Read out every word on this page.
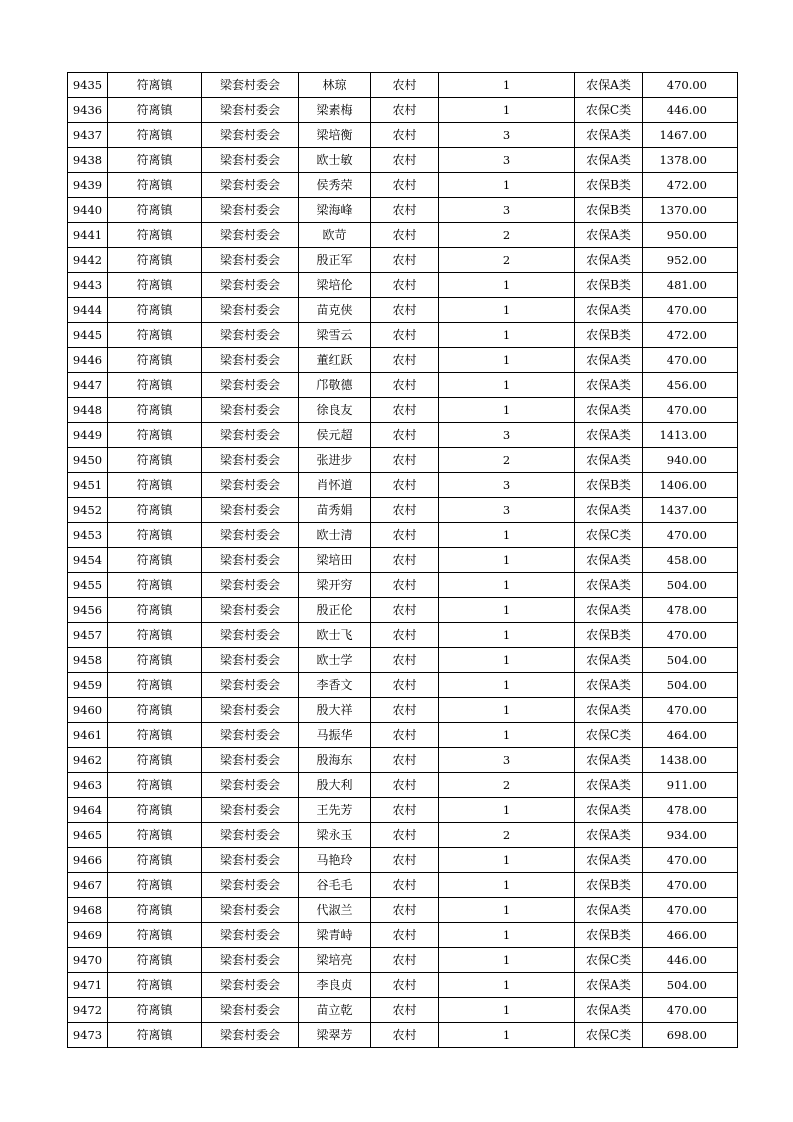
9435	符离镇	梁套村委会	林琼	农村	1	农保A类	470.00
9436	符离镇	梁套村委会	梁素梅	农村	1	农保C类	446.00
9437	符离镇	梁套村委会	梁培衡	农村	3	农保A类	1467.00
9438	符离镇	梁套村委会	欧士敏	农村	3	农保A类	1378.00
9439	符离镇	梁套村委会	侯秀荣	农村	1	农保B类	472.00
9440	符离镇	梁套村委会	梁海峰	农村	3	农保B类	1370.00
9441	符离镇	梁套村委会	欧苛	农村	2	农保A类	950.00
9442	符离镇	梁套村委会	殷正军	农村	2	农保A类	952.00
9443	符离镇	梁套村委会	梁培伦	农村	1	农保B类	481.00
9444	符离镇	梁套村委会	苗克侠	农村	1	农保A类	470.00
9445	符离镇	梁套村委会	梁雪云	农村	1	农保B类	472.00
9446	符离镇	梁套村委会	董红跃	农村	1	农保A类	470.00
9447	符离镇	梁套村委会	邝敬德	农村	1	农保A类	456.00
9448	符离镇	梁套村委会	徐良友	农村	1	农保A类	470.00
9449	符离镇	梁套村委会	侯元超	农村	3	农保A类	1413.00
9450	符离镇	梁套村委会	张进步	农村	2	农保A类	940.00
9451	符离镇	梁套村委会	肖怀道	农村	3	农保B类	1406.00
9452	符离镇	梁套村委会	苗秀娟	农村	3	农保A类	1437.00
9453	符离镇	梁套村委会	欧士清	农村	1	农保C类	470.00
9454	符离镇	梁套村委会	梁培田	农村	1	农保A类	458.00
9455	符离镇	梁套村委会	梁开穷	农村	1	农保A类	504.00
9456	符离镇	梁套村委会	殷正伦	农村	1	农保A类	478.00
9457	符离镇	梁套村委会	欧士飞	农村	1	农保B类	470.00
9458	符离镇	梁套村委会	欧士学	农村	1	农保A类	504.00
9459	符离镇	梁套村委会	李香文	农村	1	农保A类	504.00
9460	符离镇	梁套村委会	殷大祥	农村	1	农保A类	470.00
9461	符离镇	梁套村委会	马振华	农村	1	农保C类	464.00
9462	符离镇	梁套村委会	殷海东	农村	3	农保A类	1438.00
9463	符离镇	梁套村委会	殷大利	农村	2	农保A类	911.00
9464	符离镇	梁套村委会	王先芳	农村	1	农保A类	478.00
9465	符离镇	梁套村委会	梁永玉	农村	2	农保A类	934.00
9466	符离镇	梁套村委会	马艳玲	农村	1	农保A类	470.00
9467	符离镇	梁套村委会	谷毛毛	农村	1	农保B类	470.00
9468	符离镇	梁套村委会	代淑兰	农村	1	农保A类	470.00
9469	符离镇	梁套村委会	梁青峙	农村	1	农保B类	466.00
9470	符离镇	梁套村委会	梁培亮	农村	1	农保C类	446.00
9471	符离镇	梁套村委会	李良贞	农村	1	农保A类	504.00
9472	符离镇	梁套村委会	苗立乾	农村	1	农保A类	470.00
9473	符离镇	梁套村委会	梁翠芳	农村	1	农保C类	698.00
